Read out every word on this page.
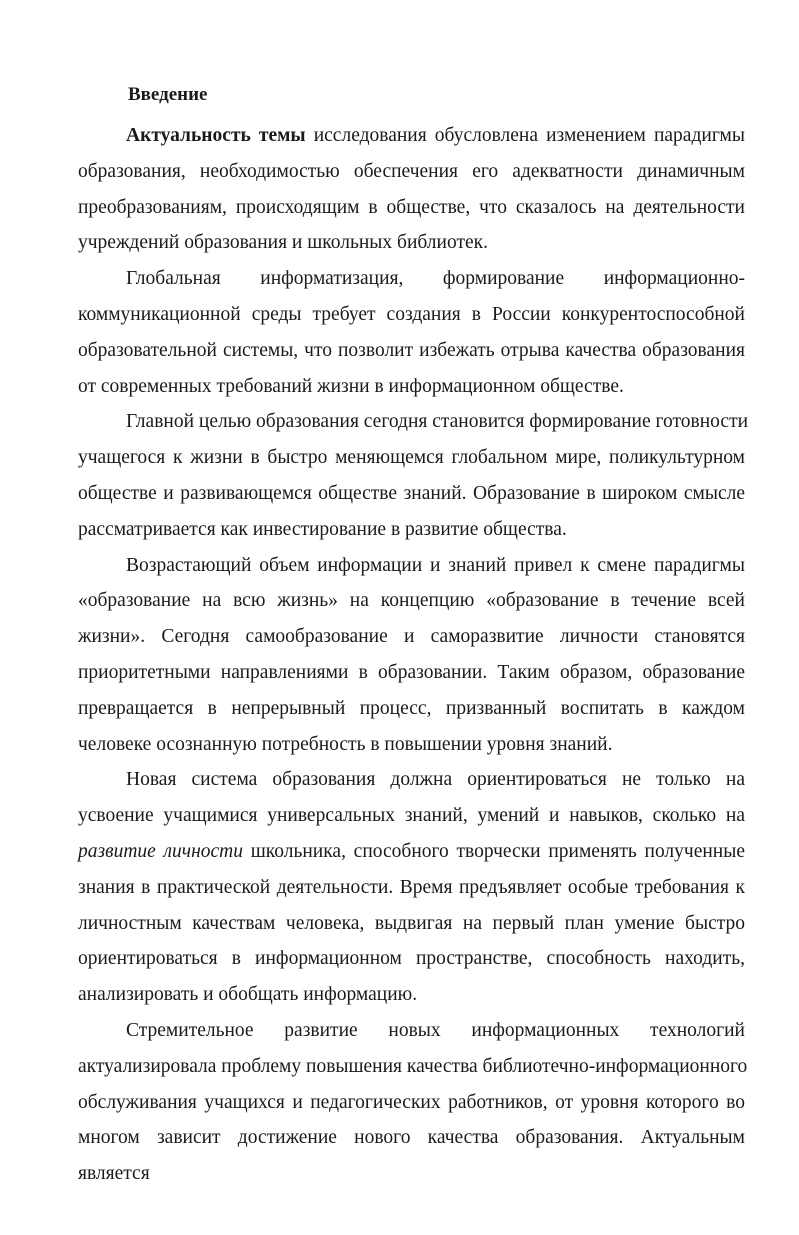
Введение
Актуальность темы исследования обусловлена изменением парадигмы
образования, необходимостью обеспечения его адекватности динамичным
преобразованиям, происходящим в обществе, что сказалось на деятельности
учреждений образования и школьных библиотек.
Глобальная информатизация, формирование информационно-
коммуникационной среды требует создания в России конкурентоспособной
образовательной системы, что позволит избежать отрыва качества образования
от современных требований жизни в информационном обществе.
Главной целью образования сегодня становится формирование готовности
учащегося к жизни в быстро меняющемся глобальном мире, поликультурном
обществе и развивающемся обществе знаний. Образование в широком смысле
рассматривается как инвестирование в развитие общества.
Возрастающий объем информации и знаний привел к смене парадигмы
«образование на всю жизнь» на концепцию «образование в течение всей
жизни». Сегодня самообразование и саморазвитие личности становятся
приоритетными направлениями в образовании. Таким образом, образование
превращается в непрерывный процесс, призванный воспитать в каждом
человеке осознанную потребность в повышении уровня знаний.
Новая система образования должна ориентироваться не только на
усвоение учащимися универсальных знаний, умений и навыков, сколько на
развитие личности школьника, способного творчески применять полученные
знания в практической деятельности. Время предъявляет особые требования к
личностным качествам человека, выдвигая на первый план умение быстро
ориентироваться в информационном пространстве, способность находить,
анализировать и обобщать информацию.
Стремительное развитие новых информационных технологий
актуализировала проблему повышения качества библиотечно-информационного
обслуживания учащихся и педагогических работников, от уровня которого во
многом зависит достижение нового качества образования. Актуальным является
